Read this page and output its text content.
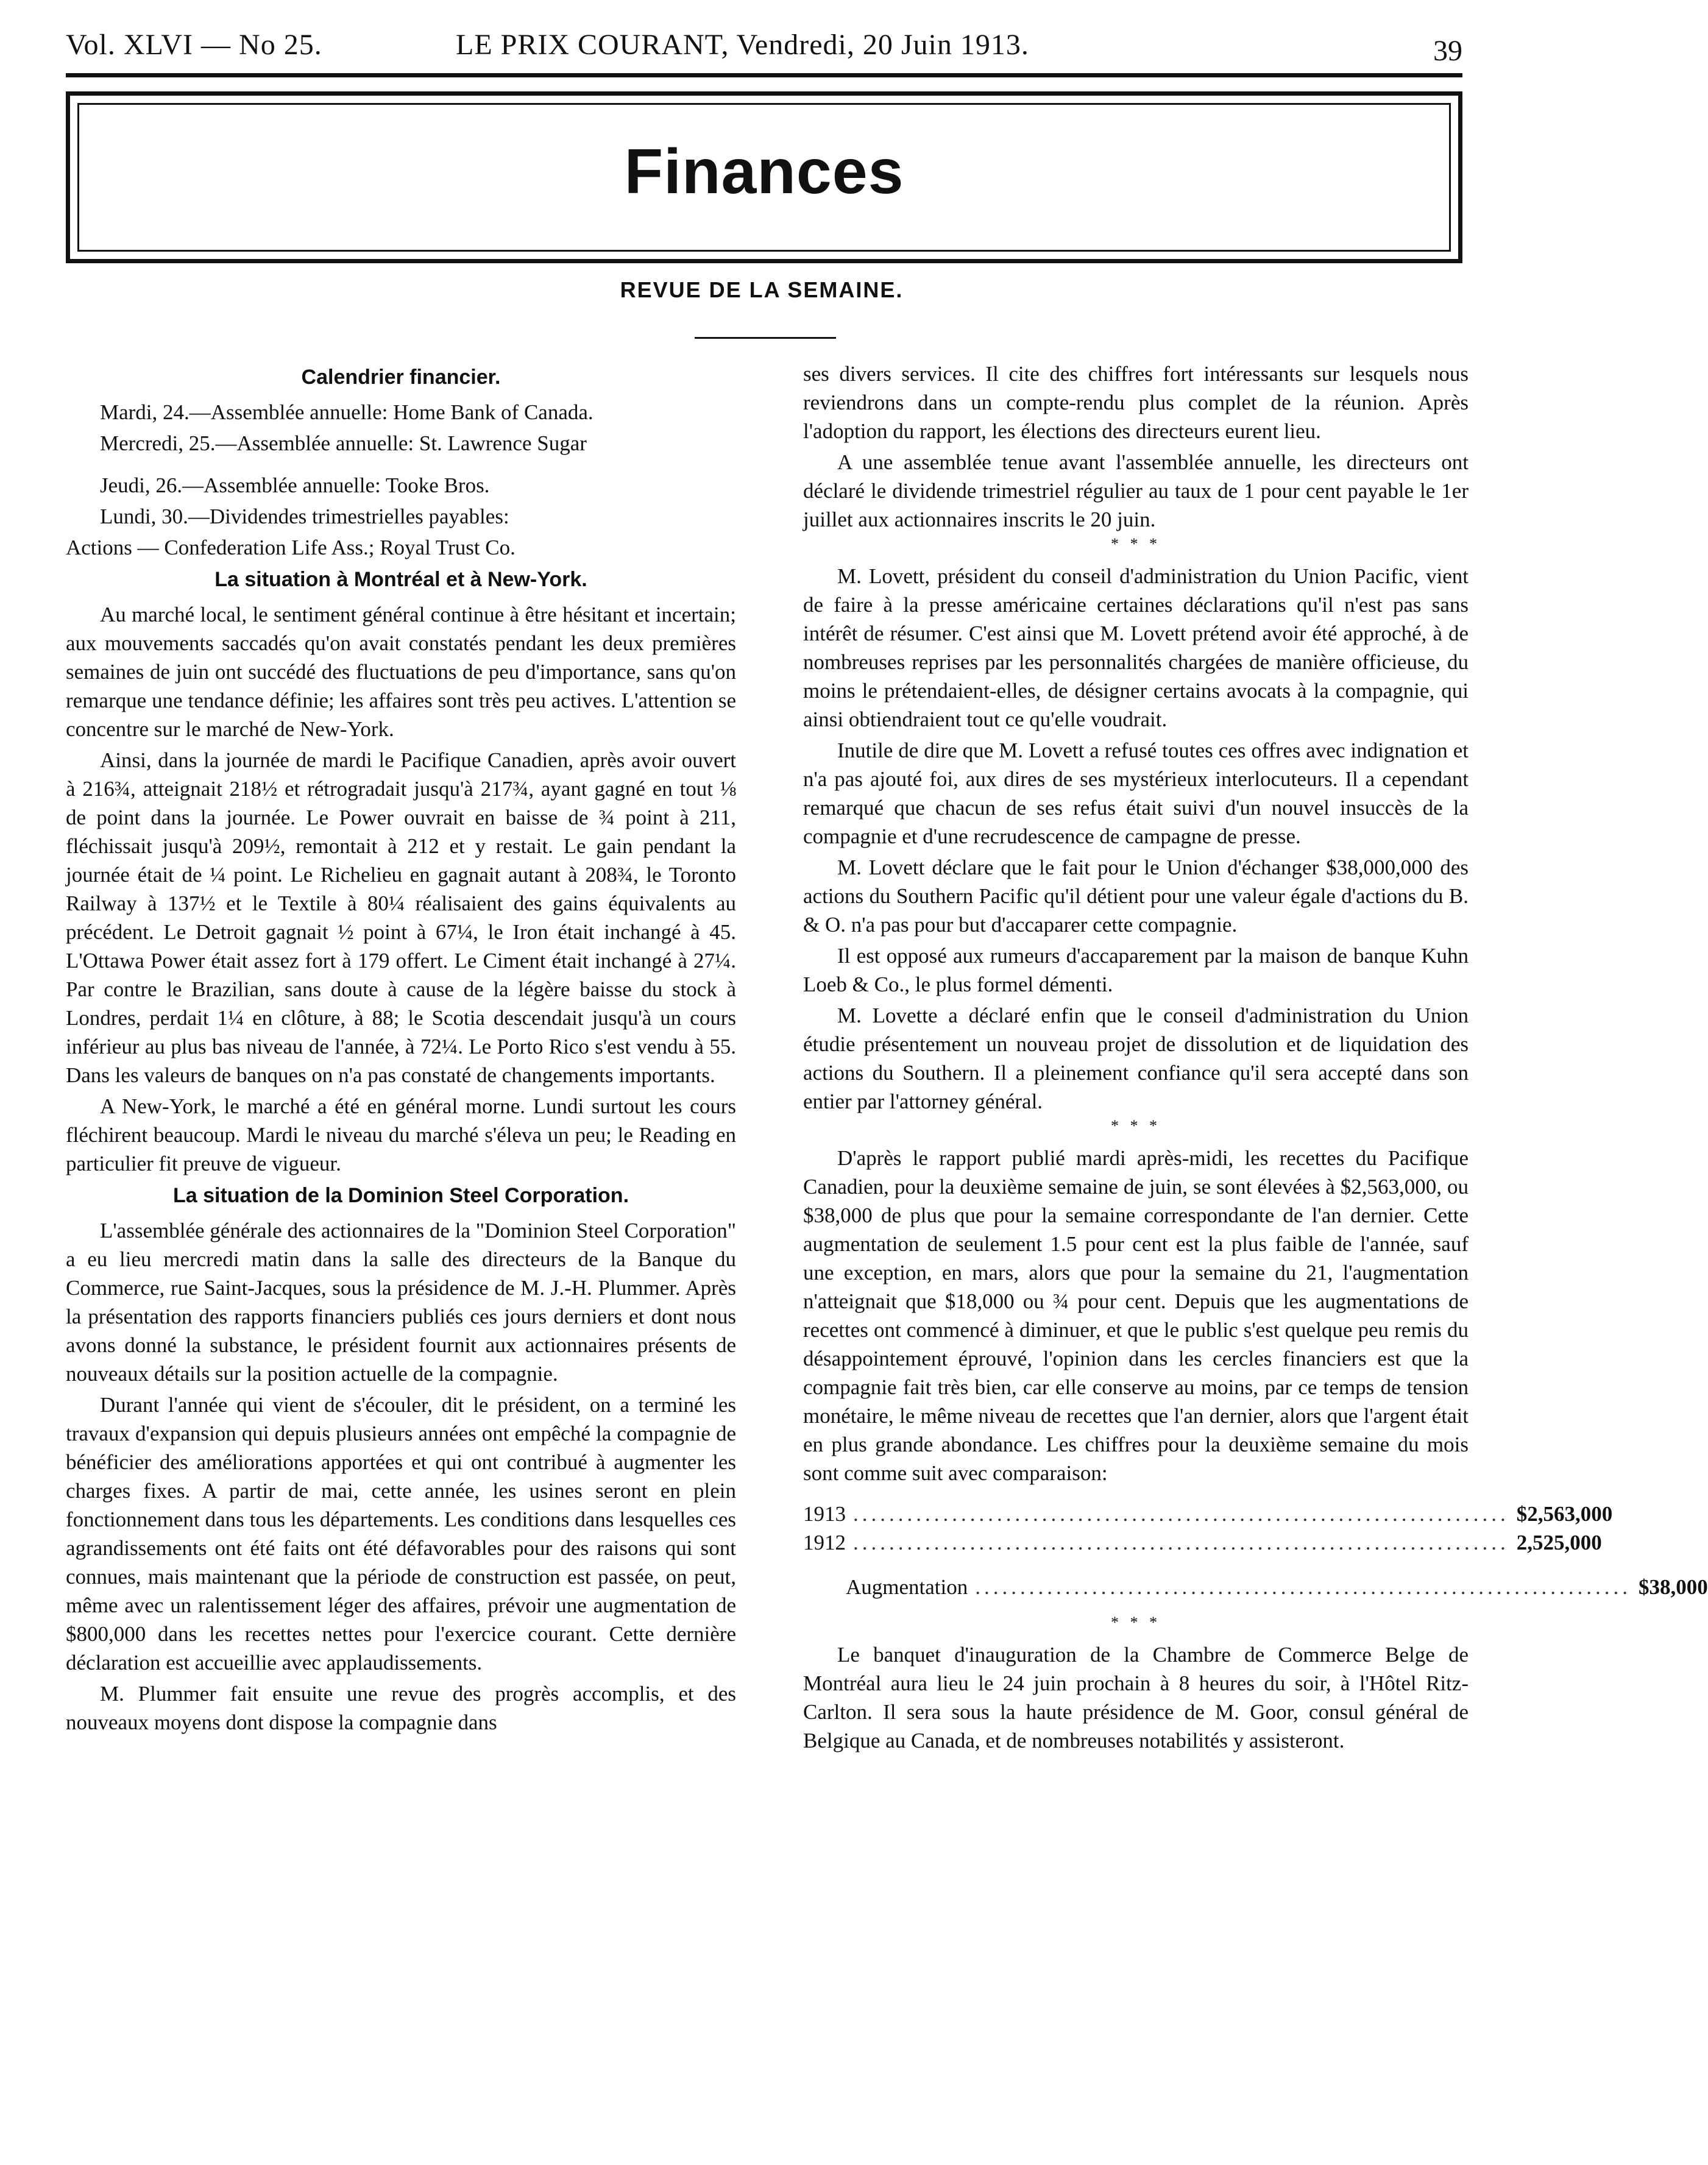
Vol. XLVI — No 25.	LE PRIX COURANT, Vendredi, 20 Juin 1913.	39
Finances
REVUE DE LA SEMAINE.

Calendrier financier.

Mardi, 24.—Assemblée annuelle: Home Bank of Canada.

Mercredi, 25.—Assemblée annuelle: St. Lawrence Sugar

Jeudi, 26.—Assemblée annuelle: Tooke Bros.

Lundi, 30.—Dividendes trimestrielles payables:

Actions — Confederation Life Ass.; Royal Trust Co.

La situation à Montréal et à New-York.

Au marché local, le sentiment général continue à être hésitant et incertain; aux mouvements saccadés qu'on avait constatés pendant les deux premières semaines de juin ont succédé des fluctuations de peu d'importance, sans qu'on remarque une tendance définie; les affaires sont très peu actives. L'attention se concentre sur le marché de New-York.

Ainsi, dans la journée de mardi le Pacifique Canadien, après avoir ouvert à 216¾, atteignait 218½ et rétrogradait jusqu'à 217¾, ayant gagné en tout ⅛ de point dans la journée. Le Power ouvrait en baisse de ¾ point à 211, fléchissait jusqu'à 209½, remontait à 212 et y restait. Le gain pendant la journée était de ¼ point. Le Richelieu en gagnait autant à 208¾, le Toronto Railway à 137½ et le Textile à 80¼ réalisaient des gains équivalents au précédent. Le Detroit gagnait ½ point à 67¼, le Iron était inchangé à 45. L'Ottawa Power était assez fort à 179 offert. Le Ciment était inchangé à 27¼. Par contre le Brazilian, sans doute à cause de la légère baisse du stock à Londres, perdait 1¼ en clôture, à 88; le Scotia descendait jusqu'à un cours inférieur au plus bas niveau de l'année, à 72¼. Le Porto Rico s'est vendu à 55. Dans les valeurs de banques on n'a pas constaté de changements importants.

A New-York, le marché a été en général morne. Lundi surtout les cours fléchirent beaucoup. Mardi le niveau du marché s'éleva un peu; le Reading en particulier fit preuve de vigueur.

La situation de la Dominion Steel Corporation.

L'assemblée générale des actionnaires de la "Dominion Steel Corporation" a eu lieu mercredi matin dans la salle des directeurs de la Banque du Commerce, rue Saint-Jacques, sous la présidence de M. J.-H. Plummer. Après la présentation des rapports financiers publiés ces jours derniers et dont nous avons donné la substance, le président fournit aux actionnaires présents de nouveaux détails sur la position actuelle de la compagnie.

Durant l'année qui vient de s'écouler, dit le président, on a terminé les travaux d'expansion qui depuis plusieurs années ont empêché la compagnie de bénéficier des améliorations apportées et qui ont contribué à augmenter les charges fixes. A partir de mai, cette année, les usines seront en plein fonctionnement dans tous les départements. Les conditions dans lesquelles ces agrandissements ont été faits ont été défavorables pour des raisons qui sont connues, mais maintenant que la période de construction est passée, on peut, même avec un ralentissement léger des affaires, prévoir une augmentation de $800,000 dans les recettes nettes pour l'exercice courant. Cette dernière déclaration est accueillie avec applaudissements.

M. Plummer fait ensuite une revue des progrès accomplis, et des nouveaux moyens dont dispose la compagnie dans

ses divers services. Il cite des chiffres fort intéressants sur lesquels nous reviendrons dans un compte-rendu plus complet de la réunion. Après l'adoption du rapport, les élections des directeurs eurent lieu.

A une assemblée tenue avant l'assemblée annuelle, les directeurs ont déclaré le dividende trimestriel régulier au taux de 1 pour cent payable le 1er juillet aux actionnaires inscrits le 20 juin.

* * *

M. Lovett, président du conseil d'administration du Union Pacific, vient de faire à la presse américaine certaines déclarations qu'il n'est pas sans intérêt de résumer. C'est ainsi que M. Lovett prétend avoir été approché, à de nombreuses reprises par les personnalités chargées de manière officieuse, du moins le prétendaient-elles, de désigner certains avocats à la compagnie, qui ainsi obtiendraient tout ce qu'elle voudrait.

Inutile de dire que M. Lovett a refusé toutes ces offres avec indignation et n'a pas ajouté foi, aux dires de ses mystérieux interlocuteurs. Il a cependant remarqué que chacun de ses refus était suivi d'un nouvel insuccès de la compagnie et d'une recrudescence de campagne de presse.

M. Lovett déclare que le fait pour le Union d'échanger $38,000,000 des actions du Southern Pacific qu'il détient pour une valeur égale d'actions du B. & O. n'a pas pour but d'accaparer cette compagnie.

Il est opposé aux rumeurs d'accaparement par la maison de banque Kuhn Loeb & Co., le plus formel démenti.

M. Lovette a déclaré enfin que le conseil d'administration du Union étudie présentement un nouveau projet de dissolution et de liquidation des actions du Southern. Il a pleinement confiance qu'il sera accepté dans son entier par l'attorney général.

* * *

D'après le rapport publié mardi après-midi, les recettes du Pacifique Canadien, pour la deuxième semaine de juin, se sont élevées à $2,563,000, ou $38,000 de plus que pour la semaine correspondante de l'an dernier. Cette augmentation de seulement 1.5 pour cent est la plus faible de l'année, sauf une exception, en mars, alors que pour la semaine du 21, l'augmentation n'atteignait que $18,000 ou ¾ pour cent. Depuis que les augmentations de recettes ont commencé à diminuer, et que le public s'est quelque peu remis du désappointement éprouvé, l'opinion dans les cercles financiers est que la compagnie fait très bien, car elle conserve au moins, par ce temps de tension monétaire, le même niveau de recettes que l'an dernier, alors que l'argent était en plus grande abondance. Les chiffres pour la deuxième semaine du mois sont comme suit avec comparaison:

1913 ......................................................................... $2,563,000
1912 ......................................................................... 2,525,000
Augmentation ......................................................................... $38,000
* * *

Le banquet d'inauguration de la Chambre de Commerce Belge de Montréal aura lieu le 24 juin prochain à 8 heures du soir, à l'Hôtel Ritz-Carlton. Il sera sous la haute présidence de M. Goor, consul général de Belgique au Canada, et de nombreuses notabilités y assisteront.
